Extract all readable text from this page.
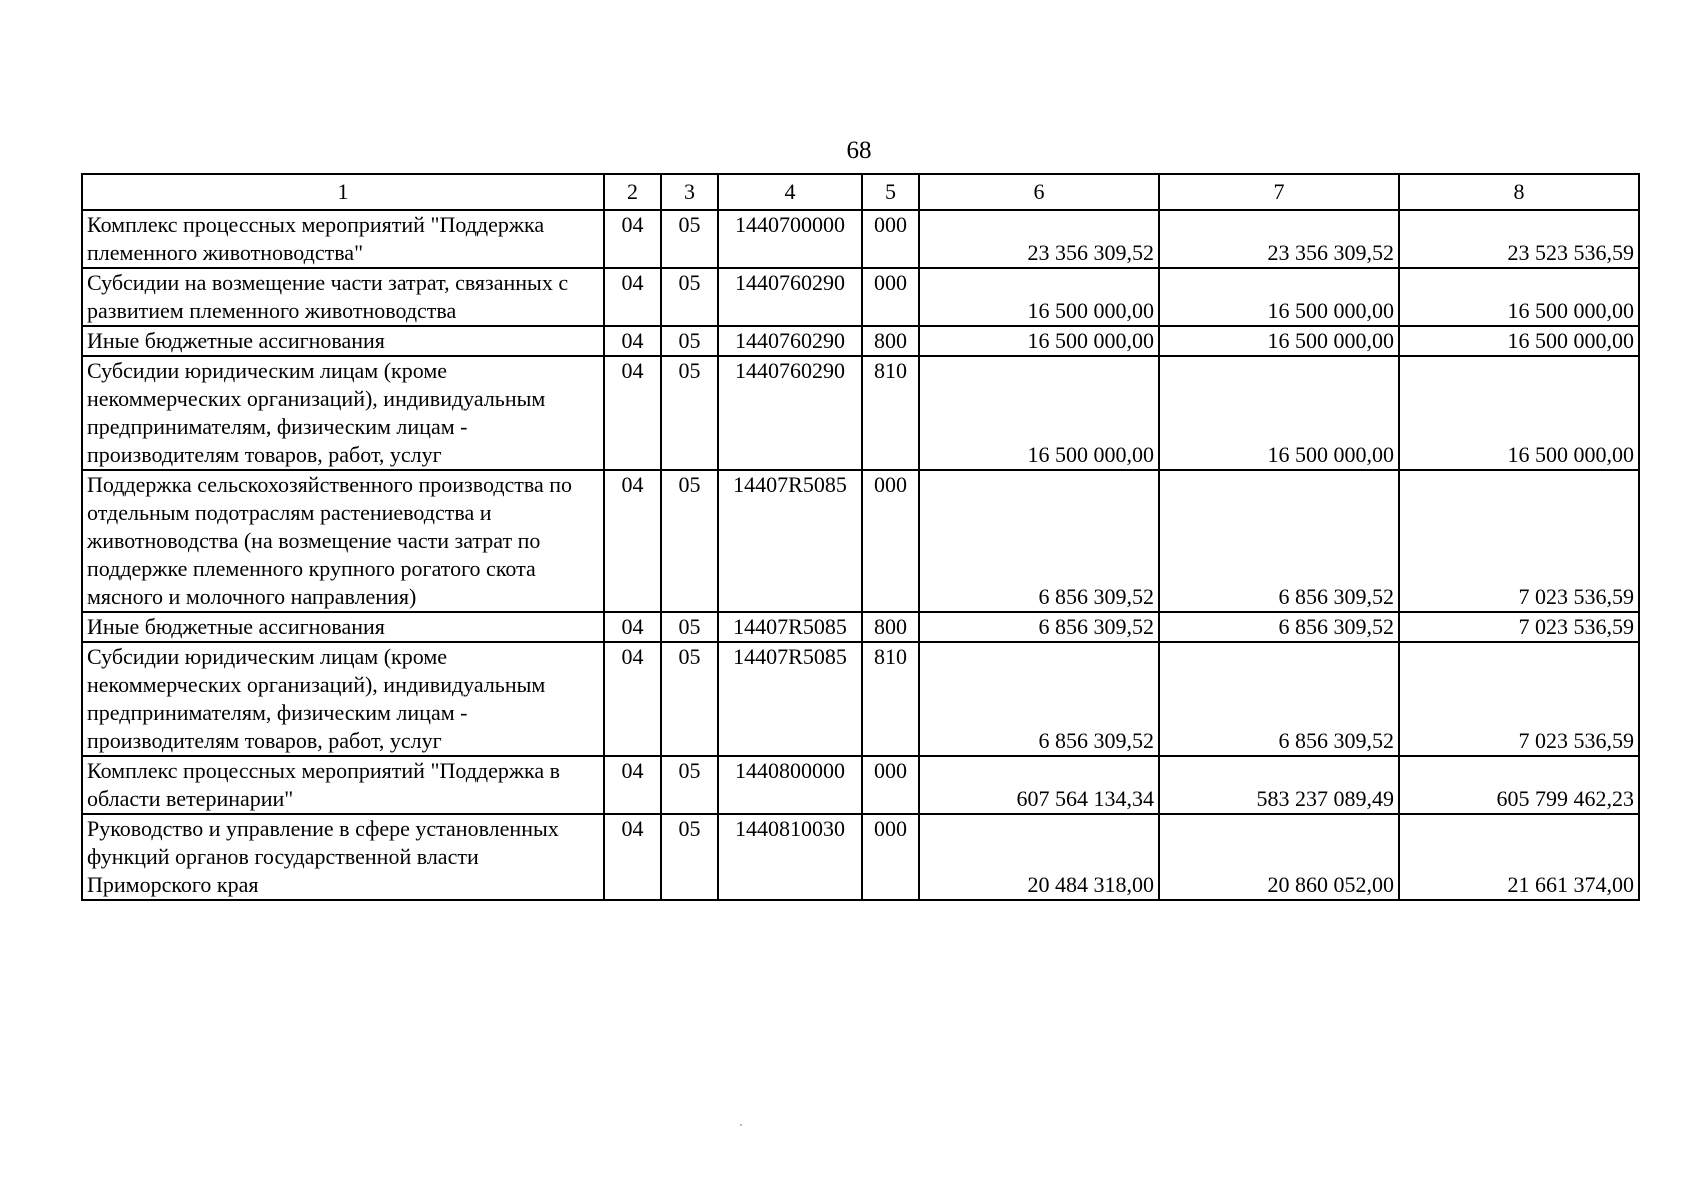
68
1	2	3	4	5	6	7	8
Комплекс процессных мероприятий "Поддержка племенного животноводства"	04	05	1440700000	000	23 356 309,52	23 356 309,52	23 523 536,59
Субсидии на возмещение части затрат, связанных с развитием племенного животноводства	04	05	1440760290	000	16 500 000,00	16 500 000,00	16 500 000,00
Иные бюджетные ассигнования	04	05	1440760290	800	16 500 000,00	16 500 000,00	16 500 000,00
Субсидии юридическим лицам (кроме некоммерческих организаций), индивидуальным предпринимателям, физическим лицам - производителям товаров, работ, услуг	04	05	1440760290	810	16 500 000,00	16 500 000,00	16 500 000,00
Поддержка сельскохозяйственного производства по отдельным подотраслям растениеводства и животноводства (на возмещение части затрат по поддержке племенного крупного рогатого скота мясного и молочного направления)	04	05	14407R5085	000	6 856 309,52	6 856 309,52	7 023 536,59
Иные бюджетные ассигнования	04	05	14407R5085	800	6 856 309,52	6 856 309,52	7 023 536,59
Субсидии юридическим лицам (кроме некоммерческих организаций), индивидуальным предпринимателям, физическим лицам - производителям товаров, работ, услуг	04	05	14407R5085	810	6 856 309,52	6 856 309,52	7 023 536,59
Комплекс процессных мероприятий "Поддержка в области ветеринарии"	04	05	1440800000	000	607 564 134,34	583 237 089,49	605 799 462,23
Руководство и управление в сфере установленных функций органов государственной власти Приморского края	04	05	1440810030	000	20 484 318,00	20 860 052,00	21 661 374,00
